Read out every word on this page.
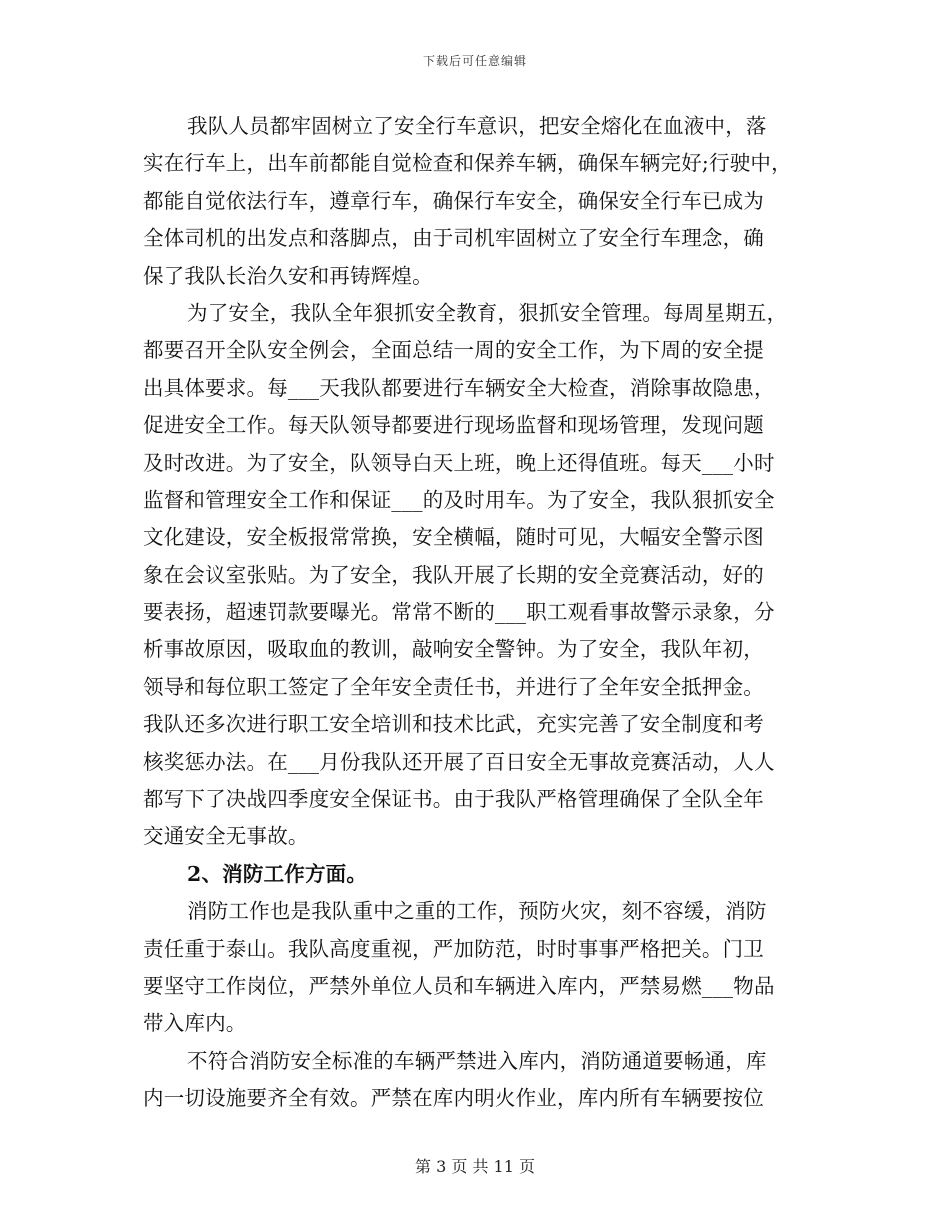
下载后可任意编辑
我队人员都牢固树立了安全行车意识，把安全熔化在血液中，落
实在行车上，出车前都能自觉检查和保养车辆，确保车辆完好;行驶中，
都能自觉依法行车，遵章行车，确保行车安全，确保安全行车已成为
全体司机的出发点和落脚点，由于司机牢固树立了安全行车理念，确
保了我队长治久安和再铸辉煌。
为了安全，我队全年狠抓安全教育，狠抓安全管理。每周星期五，
都要召开全队安全例会，全面总结一周的安全工作，为下周的安全提
出具体要求。每___天我队都要进行车辆安全大检查，消除事故隐患，
促进安全工作。每天队领导都要进行现场监督和现场管理，发现问题
及时改进。为了安全，队领导白天上班，晚上还得值班。每天___小时
监督和管理安全工作和保证___的及时用车。为了安全，我队狠抓安全
文化建设，安全板报常常换，安全横幅，随时可见，大幅安全警示图
象在会议室张贴。为了安全，我队开展了长期的安全竞赛活动，好的
要表扬，超速罚款要曝光。常常不断的___职工观看事故警示录象，分
析事故原因，吸取血的教训，敲响安全警钟。为了安全，我队年初，
领导和每位职工签定了全年安全责任书，并进行了全年安全抵押金。
我队还多次进行职工安全培训和技术比武，充实完善了安全制度和考
核奖惩办法。在___月份我队还开展了百日安全无事故竞赛活动，人人
都写下了决战四季度安全保证书。由于我队严格管理确保了全队全年
交通安全无事故。
2、消防工作方面。
消防工作也是我队重中之重的工作，预防火灾，刻不容缓，消防
责任重于泰山。我队高度重视，严加防范，时时事事严格把关。门卫
要坚守工作岗位，严禁外单位人员和车辆进入库内，严禁易燃___物品
带入库内。
不符合消防安全标准的车辆严禁进入库内，消防通道要畅通，库
内一切设施要齐全有效。严禁在库内明火作业，库内所有车辆要按位
第 3 页 共 11 页
